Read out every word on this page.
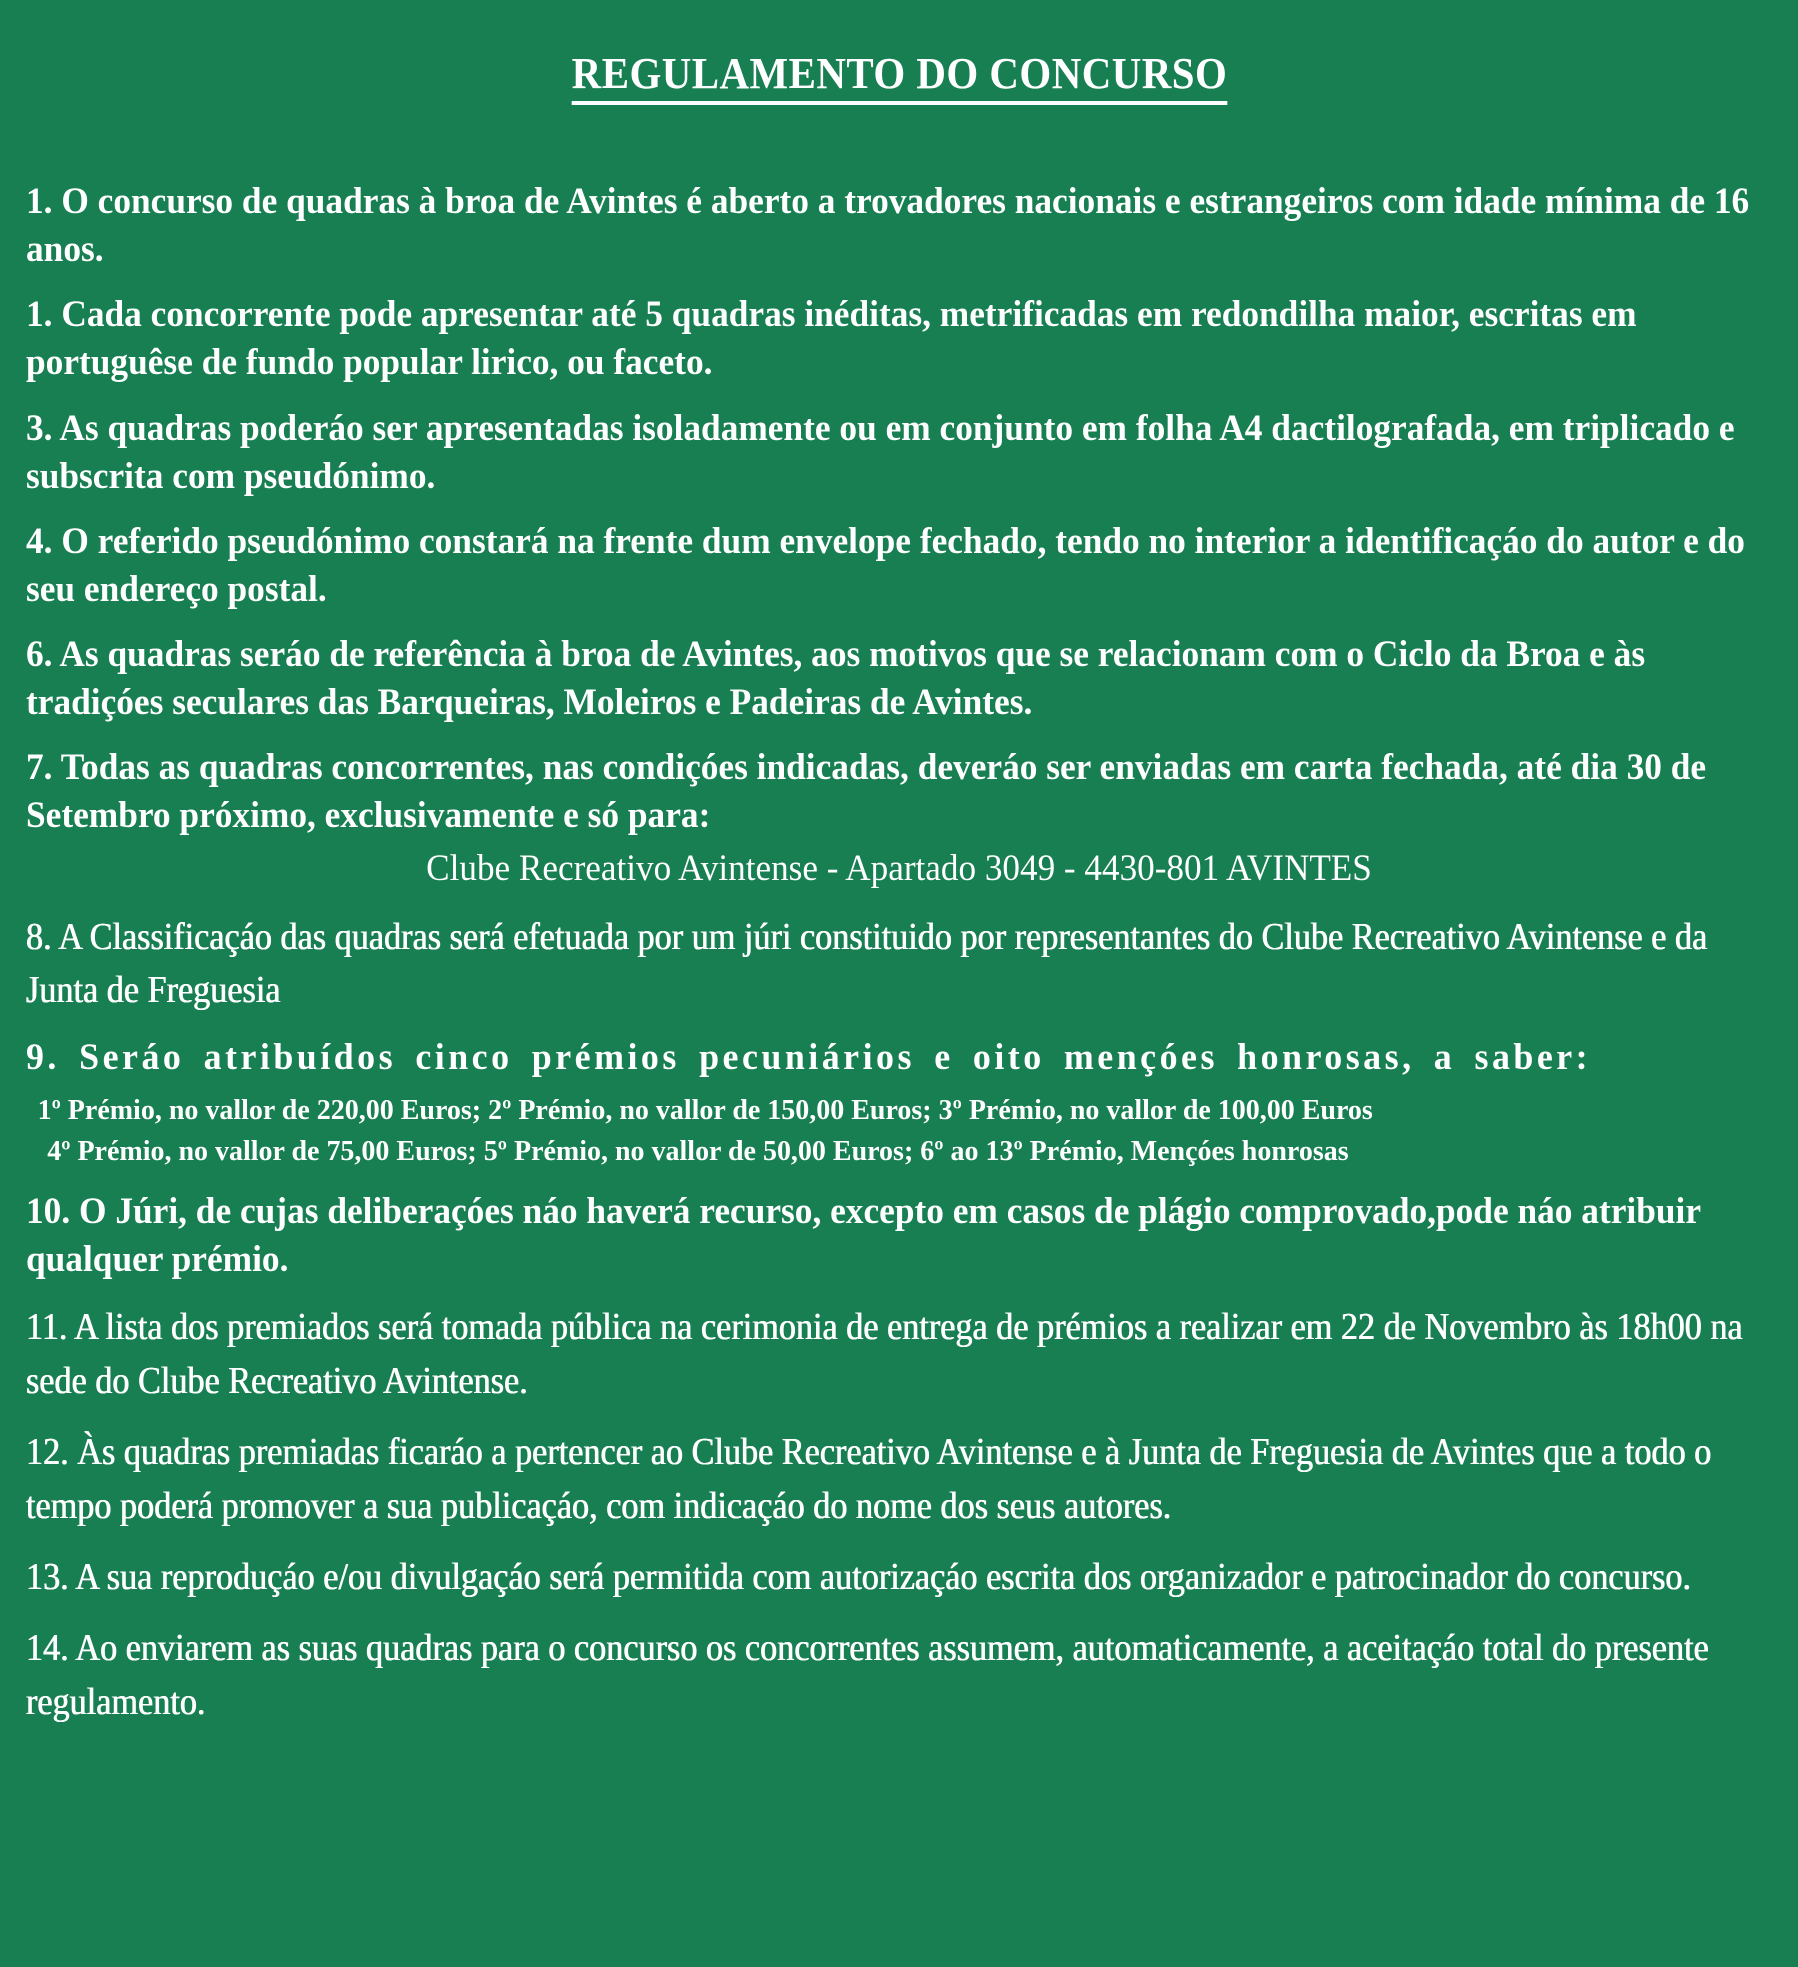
REGULAMENTO DO CONCURSO

1. O concurso de quadras à broa de Avintes é aberto a trovadores nacionais e estrangeiros com idade mínima de 16 anos.

1. Cada concorrente pode apresentar até 5 quadras inéditas, metrificadas em redondilha maior, escritas em portuguêse de fundo popular lirico, ou faceto.

3. As quadras poderáo ser apresentadas isoladamente ou em conjunto em folha A4 dactilografada, em triplicado e subscrita com pseudónimo.

4. O referido pseudónimo constará na frente dum envelope fechado, tendo no interior a identificaçáo do autor e do seu endereço postal.

6. As quadras seráo de referência à broa de Avintes, aos motivos que se relacionam com o Ciclo da Broa e às tradiçóes seculares das Barqueiras, Moleiros e Padeiras de Avintes.

7. Todas as quadras concorrentes, nas condiçóes indicadas, deveráo ser enviadas em carta fechada, até dia 30 de Setembro próximo, exclusivamente e só para:

Clube Recreativo Avintense - Apartado 3049 - 4430-801 AVINTES

8. A Classificaçáo das quadras será efetuada por um júri constituido por representantes do Clube Recreativo Avintense e da Junta de Freguesia

9. Seráo atribuídos cinco prémios pecuniários e oito mençóes honrosas, a saber:

1º Prémio, no vallor de 220,00 Euros; 2º Prémio, no vallor de 150,00 Euros; 3º Prémio, no vallor de 100,00 Euros
4º Prémio, no vallor de 75,00 Euros; 5º Prémio, no vallor de 50,00 Euros; 6º ao 13º Prémio, Mençóes honrosas

10. O Júri, de cujas deliberaçóes náo haverá recurso, excepto em casos de plágio comprovado,pode náo atribuir qualquer prémio.

11. A lista dos premiados será tomada pública na cerimonia de entrega de prémios a realizar em 22 de Novembro às 18h00 na sede do Clube Recreativo Avintense.

12. Às quadras premiadas ficaráo a pertencer ao Clube Recreativo Avintense e à Junta de Freguesia de Avintes que a todo o tempo poderá promover a sua publicaçáo, com indicaçáo do nome dos seus autores.

13. A sua reproduçáo e/ou divulgaçáo será permitida com autorizaçáo escrita dos organizador e patrocinador do concurso.

14. Ao enviarem as suas quadras para o concurso os concorrentes assumem, automaticamente, a aceitaçáo total do presente regulamento.
